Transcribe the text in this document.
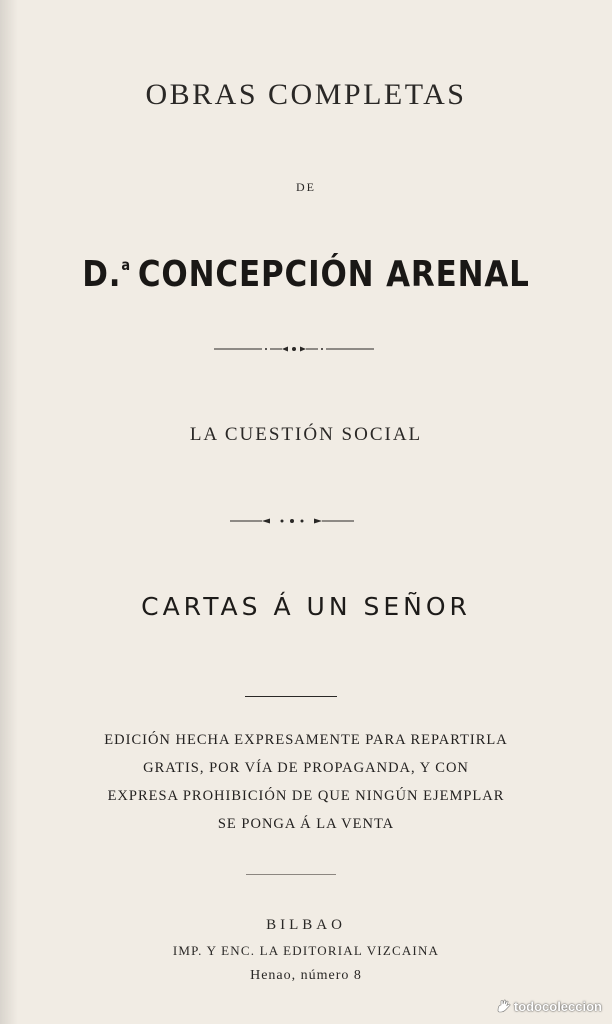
OBRAS COMPLETAS
DE
D.$^a$ CONCEPCIÓN ARENAL
LA CUESTIÓN SOCIAL
CARTAS Á UN SEÑOR
EDICIÓN HECHA EXPRESAMENTE PARA REPARTIRLA
GRATIS, POR VÍA DE PROPAGANDA, Y CON
EXPRESA PROHIBICIÓN DE QUE NINGÚN EJEMPLAR
SE PONGA Á LA VENTA
BILBAO
IMP. Y ENC. LA EDITORIAL VIZCAINA
Henao, número 8
todocoleccion
